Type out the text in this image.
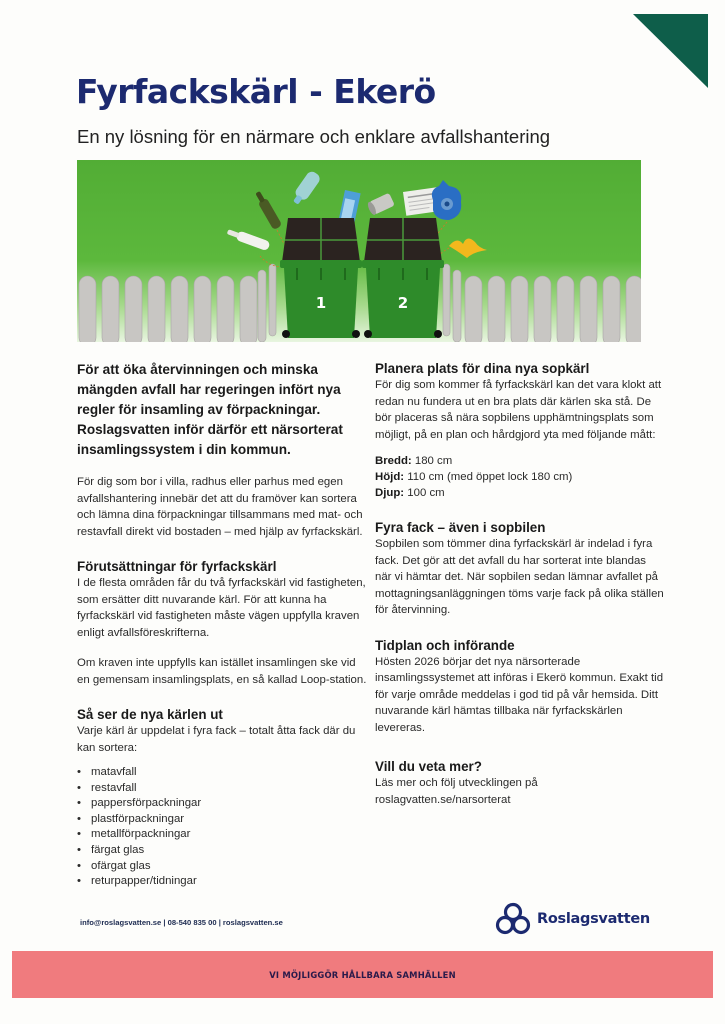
Fyrfackskärl - Ekerö
En ny lösning för en närmare och enklare avfallshantering
1	2
För att öka återvinningen och minska mängden avfall har regeringen infört nya regler för insamling av förpackningar. Roslagsvatten inför därför ett närsorterat insamlingssystem i din kommun.

För dig som bor i villa, radhus eller parhus med egen avfallshantering innebär det att du framöver kan sortera och lämna dina förpackningar tillsammans med mat- och restavfall direkt vid bostaden – med hjälp av fyrfackskärl.

Förutsättningar för fyrfackskärl

I de flesta områden får du två fyrfackskärl vid fastigheten, som ersätter ditt nuvarande kärl. För att kunna ha fyrfackskärl vid fastigheten måste vägen uppfylla kraven enligt avfallsföreskrifterna.

Om kraven inte uppfylls kan istället insamlingen ske vid en gemensam insamlingsplats, en så kallad Loop-station.

Så ser de nya kärlen ut

Varje kärl är uppdelat i fyra fack – totalt åtta fack där du kan sortera:

• matavfall
• restavfall
• pappersförpackningar
• plastförpackningar
• metallförpackningar
• färgat glas
• ofärgat glas
• returpapper/tidningar
Planera plats för dina nya sopkärl

För dig som kommer få fyrfackskärl kan det vara klokt att redan nu fundera ut en bra plats där kärlen ska stå. De bör placeras så nära sopbilens upphämtningsplats som möjligt, på en plan och hårdgjord yta med följande mått:

Bredd: 180 cm
Höjd: 110 cm (med öppet lock 180 cm)
Djup: 100 cm
Fyra fack – även i sopbilen

Sopbilen som tömmer dina fyrfackskärl är indelad i fyra fack. Det gör att det avfall du har sorterat inte blandas när vi hämtar det. När sopbilen sedan lämnar avfallet på mottagningsanläggningen töms varje fack på olika ställen för återvinning.

Tidplan och införande

Hösten 2026 börjar det nya närsorterade insamlingssystemet att införas i Ekerö kommun. Exakt tid för varje område meddelas i god tid på vår hemsida. Ditt nuvarande kärl hämtas tillbaka när fyrfackskärlen levereras.

Vill du veta mer?

Läs mer och följ utvecklingen på

roslagvatten.se/narsorterat

info@roslagsvatten.se | 08-540 835 00 | roslagsvatten.se	Roslagsvatten
VI MÖJLIGGÖR HÅLLBARA SAMHÄLLEN
